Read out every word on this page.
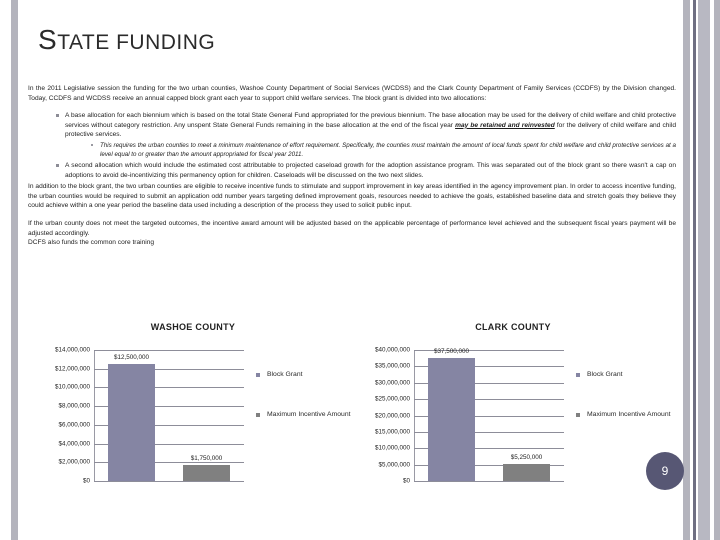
STATE FUNDING

In the 2011 Legislative session the funding for the two urban counties, Washoe County Department of Social Services (WCDSS) and the Clark County Department of Family Services (CCDFS) by the Division changed. Today, CCDFS and WCDSS receive an annual capped block grant each year to support child welfare services. The block grant is divided into two allocations:

A base allocation for each biennium which is based on the total State General Fund appropriated for the previous biennium. The base allocation may be used for the delivery of child welfare and child protective services without category restriction. Any unspent State General Funds remaining in the base allocation at the end of the fiscal year may be retained and reinvested for the delivery of child welfare and child protective services.
This requires the urban counties to meet a minimum maintenance of effort requirement. Specifically, the counties must maintain the amount of local funds spent for child welfare and child protective services at a level equal to or greater than the amount appropriated for fiscal year 2011.
A second allocation which would include the estimated cost attributable to projected caseload growth for the adoption assistance program. This was separated out of the block grant so there wasn't a cap on adoptions to avoid de-incentivizing this permanency option for children. Caseloads will be discussed on the two next slides.

In addition to the block grant, the two urban counties are eligible to receive incentive funds to stimulate and support improvement in key areas identified in the agency improvement plan. In order to access incentive funding, the urban counties would be required to submit an application odd number years targeting defined improvement goals, resources needed to achieve the goals, established baseline data and stretch goals they believe they could achieve within a one year period the baseline data used including a description of the process they used to solicit public input.

If the urban county does not meet the targeted outcomes, the incentive award amount will be adjusted based on the applicable percentage of performance level achieved and the subsequent fiscal years payment will be adjusted accordingly.

DCFS also funds the common core training

WASHOE COUNTY
$0
$2,000,000
$4,000,000
$6,000,000
$8,000,000
$10,000,000
$12,000,000
$14,000,000
$12,500,000
$1,750,000
Block Grant
Maximum Incentive Amount
CLARK COUNTY
$0
$5,000,000
$10,000,000
$15,000,000
$20,000,000
$25,000,000
$30,000,000
$35,000,000
$40,000,000	$37,500,000
$5,250,000
Block Grant
Maximum Incentive Amount
9
